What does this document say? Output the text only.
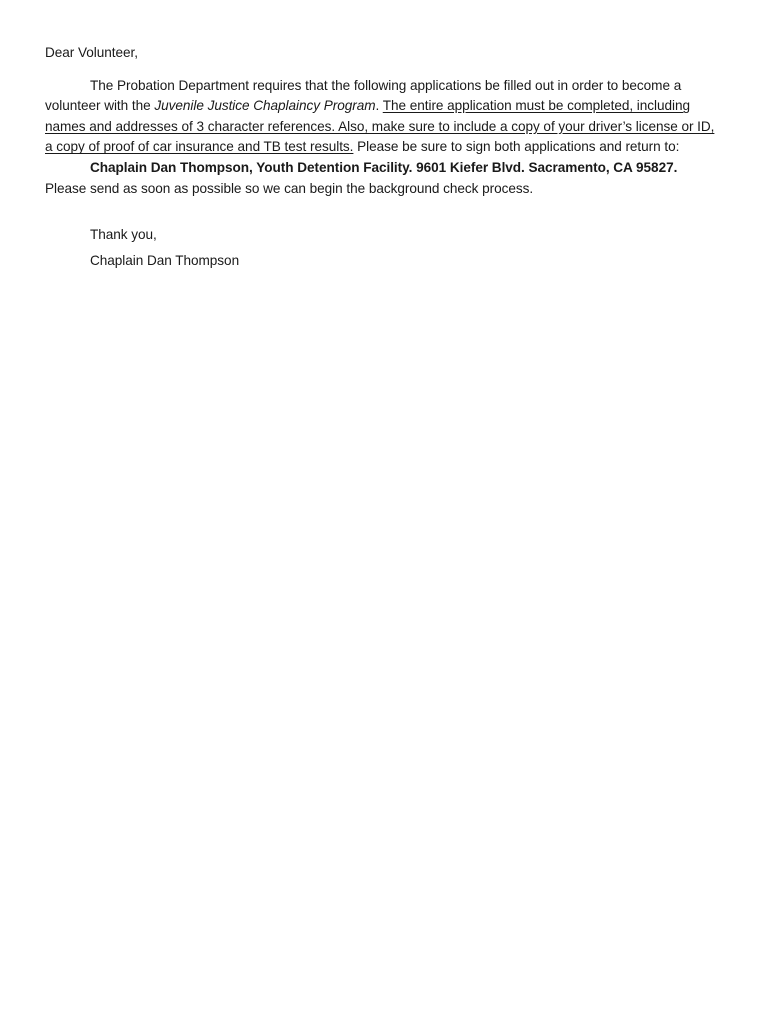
Dear Volunteer,

The Probation Department requires that the following applications be filled out in order to become a volunteer with the Juvenile Justice Chaplaincy Program. The entire application must be completed, including names and addresses of 3 character references. Also, make sure to include a copy of your driver’s license or ID, a copy of proof of car insurance and TB test results. Please be sure to sign both applications and return to:

Chaplain Dan Thompson, Youth Detention Facility. 9601 Kiefer Blvd. Sacramento, CA 95827. Please send as soon as possible so we can begin the background check process.

Thank you,
Chaplain Dan Thompson
